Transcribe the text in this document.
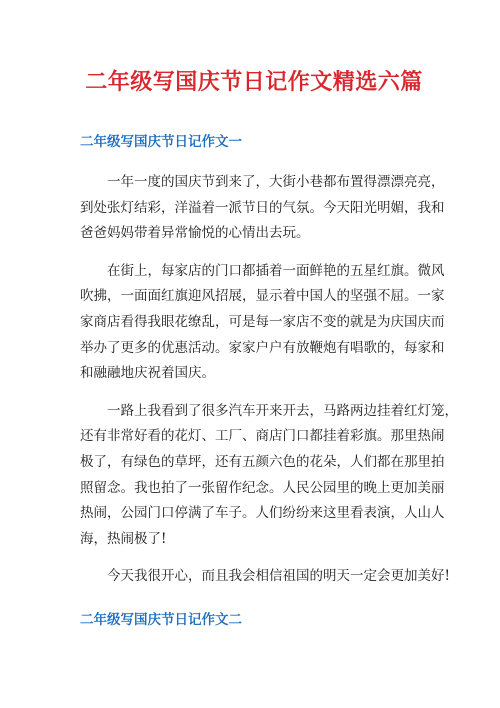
二年级写国庆节日记作文精选六篇
二年级写国庆节日记作文一

一年一度的国庆节到来了，大街小巷都布置得漂漂亮亮，
到处张灯结彩，洋溢着一派节日的气氛。今天阳光明媚，我和
爸爸妈妈带着异常愉悦的心情出去玩。

在街上，每家店的门口都插着一面鲜艳的五星红旗。微风
吹拂，一面面红旗迎风招展，显示着中国人的坚强不屈。一家
家商店看得我眼花缭乱，可是每一家店不变的就是为庆国庆而
举办了更多的优惠活动。家家户户有放鞭炮有唱歌的，每家和
和融融地庆祝着国庆。

一路上我看到了很多汽车开来开去，马路两边挂着红灯笼，
还有非常好看的花灯、工厂、商店门口都挂着彩旗。那里热闹
极了，有绿色的草坪，还有五颜六色的花朵，人们都在那里拍
照留念。我也拍了一张留作纪念。人民公园里的晚上更加美丽
热闹，公园门口停满了车子。人们纷纷来这里看表演，人山人
海，热闹极了!

今天我很开心，而且我会相信祖国的明天一定会更加美好!

二年级写国庆节日记作文二
